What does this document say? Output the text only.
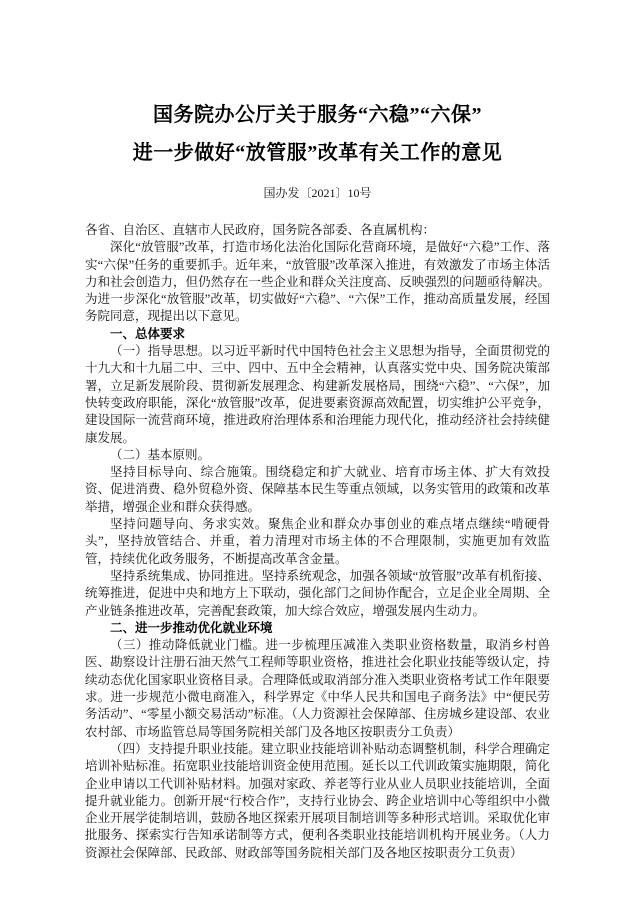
国务院办公厅关于服务“六稳”“六保”
进一步做好“放管服”改革有关工作的意见
国办发〔2021〕10号

各省、自治区、直辖市人民政府，国务院各部委、各直属机构：

深化“放管服”改革，打造市场化法治化国际化营商环境，是做好“六稳”工作、落实“六保”任务的重要抓手。近年来，“放管服”改革深入推进，有效激发了市场主体活力和社会创造力，但仍然存在一些企业和群众关注度高、反映强烈的问题亟待解决。为进一步深化“放管服”改革，切实做好“六稳”、“六保”工作，推动高质量发展，经国务院同意，现提出以下意见。

一、总体要求

（一）指导思想。以习近平新时代中国特色社会主义思想为指导，全面贯彻党的十九大和十九届二中、三中、四中、五中全会精神，认真落实党中央、国务院决策部署，立足新发展阶段、贯彻新发展理念、构建新发展格局，围绕“六稳”、“六保”，加快转变政府职能，深化“放管服”改革，促进要素资源高效配置，切实维护公平竞争，建设国际一流营商环境，推进政府治理体系和治理能力现代化，推动经济社会持续健康发展。

（二）基本原则。

坚持目标导向、综合施策。围绕稳定和扩大就业、培育市场主体、扩大有效投资、促进消费、稳外贸稳外资、保障基本民生等重点领域，以务实管用的政策和改革举措，增强企业和群众获得感。

坚持问题导向、务求实效。聚焦企业和群众办事创业的难点堵点继续“啃硬骨头”，坚持放管结合、并重，着力清理对市场主体的不合理限制，实施更加有效监管，持续优化政务服务，不断提高改革含金量。

坚持系统集成、协同推进。坚持系统观念，加强各领域“放管服”改革有机衔接、统筹推进，促进中央和地方上下联动，强化部门之间协作配合，立足企业全周期、全产业链条推进改革，完善配套政策，加大综合效应，增强发展内生动力。

二、进一步推动优化就业环境

（三）推动降低就业门槛。进一步梳理压减准入类职业资格数量，取消乡村兽医、勘察设计注册石油天然气工程师等职业资格，推进社会化职业技能等级认定，持续动态优化国家职业资格目录。合理降低或取消部分准入类职业资格考试工作年限要求。进一步规范小微电商准入，科学界定《中华人民共和国电子商务法》中“便民劳务活动”、“零星小额交易活动”标准。（人力资源社会保障部、住房城乡建设部、农业农村部、市场监管总局等国务院相关部门及各地区按职责分工负责）

（四）支持提升职业技能。建立职业技能培训补贴动态调整机制，科学合理确定培训补贴标准。拓宽职业技能培训资金使用范围。延长以工代训政策实施期限，简化企业申请以工代训补贴材料。加强对家政、养老等行业从业人员职业技能培训，全面提升就业能力。创新开展“行校合作”，支持行业协会、跨企业培训中心等组织中小微企业开展学徒制培训，鼓励各地区探索开展项目制培训等多种形式培训。采取优化审批服务、探索实行告知承诺制等方式，便利各类职业技能培训机构开展业务。（人力资源社会保障部、民政部、财政部等国务院相关部门及各地区按职责分工负责）
